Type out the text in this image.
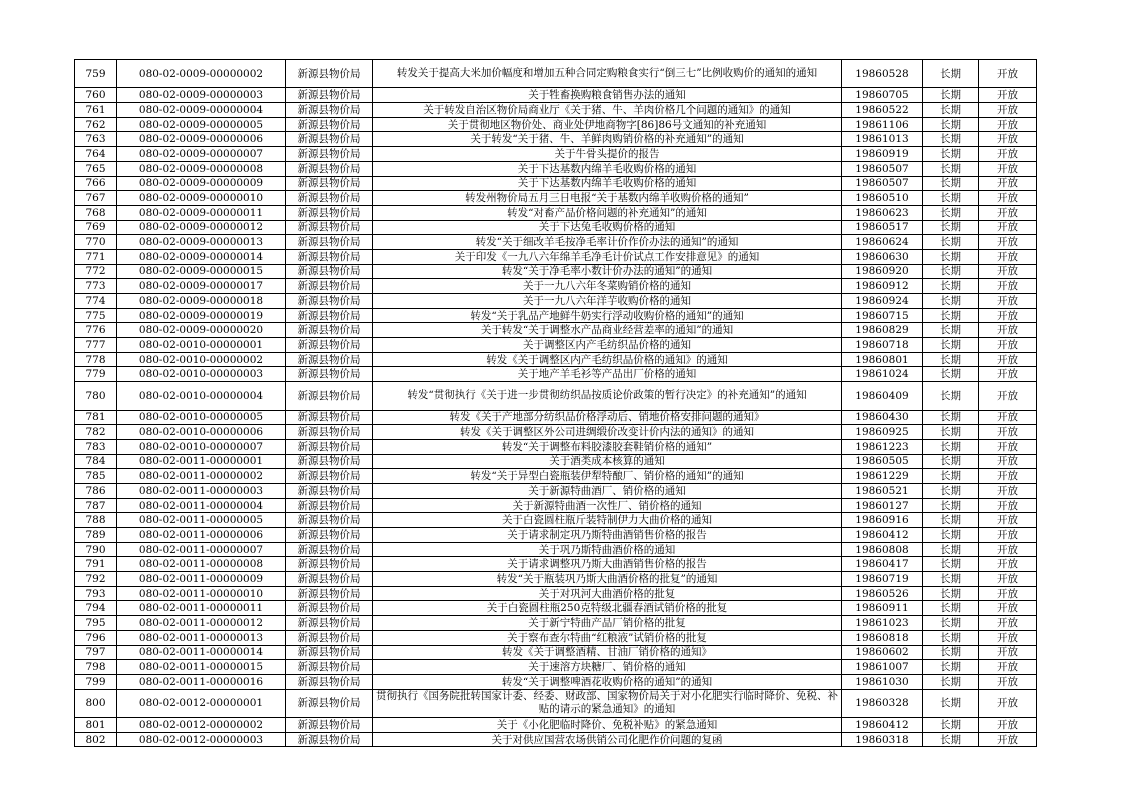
759	080-02-0009-00000002	新源县物价局	转发关于提高大米加价幅度和增加五种合同定购粮食实行“倒三七”比例收购价的通知的通知	19860528	长期	开放
760	080-02-0009-00000003	新源县物价局	关于牲畜换购粮食销售办法的通知	19860705	长期	开放
761	080-02-0009-00000004	新源县物价局	关于转发自治区物价局商业厅《关于猪、牛、羊肉价格几个问题的通知》的通知	19860522	长期	开放
762	080-02-0009-00000005	新源县物价局	关于贯彻地区物价处、商业处伊地商物字[86]86号文通知的补充通知	19861106	长期	开放
763	080-02-0009-00000006	新源县物价局	关于转发“关于猪、牛、羊鲜肉购销价格的补充通知”的通知	19861013	长期	开放
764	080-02-0009-00000007	新源县物价局	关于牛骨头提价的报告	19860919	长期	开放
765	080-02-0009-00000008	新源县物价局	关于下达基数内绵羊毛收购价格的通知	19860507	长期	开放
766	080-02-0009-00000009	新源县物价局	关于下达基数内绵羊毛收购价格的通知	19860507	长期	开放
767	080-02-0009-00000010	新源县物价局	转发州物价局五月三日电报“关于基数内绵羊收购价格的通知”	19860510	长期	开放
768	080-02-0009-00000011	新源县物价局	转发“对畜产品价格问题的补充通知”的通知	19860623	长期	开放
769	080-02-0009-00000012	新源县物价局	关于下达兔毛收购价格的通知	19860517	长期	开放
770	080-02-0009-00000013	新源县物价局	转发“关于细改羊毛按净毛率计价作价办法的通知”的通知	19860624	长期	开放
771	080-02-0009-00000014	新源县物价局	关于印发《一九八六年绵羊毛净毛计价试点工作安排意见》的通知	19860630	长期	开放
772	080-02-0009-00000015	新源县物价局	转发“关于净毛率小数计价办法的通知”的通知	19860920	长期	开放
773	080-02-0009-00000017	新源县物价局	关于一九八六年冬菜购销价格的通知	19860912	长期	开放
774	080-02-0009-00000018	新源县物价局	关于一九八六年洋芋收购价格的通知	19860924	长期	开放
775	080-02-0009-00000019	新源县物价局	转发“关于乳品产地鲜牛奶实行浮动收购价格的通知”的通知	19860715	长期	开放
776	080-02-0009-00000020	新源县物价局	关于转发“关于调整水产品商业经营差率的通知”的通知	19860829	长期	开放
777	080-02-0010-00000001	新源县物价局	关于调整区内产毛纺织品价格的通知	19860718	长期	开放
778	080-02-0010-00000002	新源县物价局	转发《关于调整区内产毛纺织品价格的通知》的通知	19860801	长期	开放
779	080-02-0010-00000003	新源县物价局	关于地产羊毛衫等产品出厂价格的通知	19861024	长期	开放
780	080-02-0010-00000004	新源县物价局	转发“贯彻执行《关于进一步贯彻纺织品按质论价政策的暂行决定》的补充通知”的通知	19860409	长期	开放
781	080-02-0010-00000005	新源县物价局	转发《关于产地部分纺织品价格浮动后、销地价格安排问题的通知》	19860430	长期	开放
782	080-02-0010-00000006	新源县物价局	转发《关于调整区外公司进绸缎价改变计价内法的通知》的通知	19860925	长期	开放
783	080-02-0010-00000007	新源县物价局	转发“关于调整布料胶漆胶套鞋销价格的通知”	19861223	长期	开放
784	080-02-0011-00000001	新源县物价局	关于酒类成本核算的通知	19860505	长期	开放
785	080-02-0011-00000002	新源县物价局	转发“关于异型白瓷瓶装伊犁特酿厂、销价格的通知”的通知	19861229	长期	开放
786	080-02-0011-00000003	新源县物价局	关于新源特曲酒厂、销价格的通知	19860521	长期	开放
787	080-02-0011-00000004	新源县物价局	关于新源特曲酒一次性厂、销价格的通知	19860127	长期	开放
788	080-02-0011-00000005	新源县物价局	关于白瓷圆柱瓶斤装特制伊力大曲价格的通知	19860916	长期	开放
789	080-02-0011-00000006	新源县物价局	关于请求制定巩乃斯特曲酒销售价格的报告	19860412	长期	开放
790	080-02-0011-00000007	新源县物价局	关于巩乃斯特曲酒价格的通知	19860808	长期	开放
791	080-02-0011-00000008	新源县物价局	关于请求调整巩乃斯大曲酒销售价格的报告	19860417	长期	开放
792	080-02-0011-00000009	新源县物价局	转发“关于瓶装巩乃斯大曲酒价格的批复”的通知	19860719	长期	开放
793	080-02-0011-00000010	新源县物价局	关于对巩河大曲酒价格的批复	19860526	长期	开放
794	080-02-0011-00000011	新源县物价局	关于白瓷圆柱瓶250克特级北疆春酒试销价格的批复	19860911	长期	开放
795	080-02-0011-00000012	新源县物价局	关于新宁特曲产品厂销价格的批复	19861023	长期	开放
796	080-02-0011-00000013	新源县物价局	关于察布查尔特曲“红粮液”试销价格的批复	19860818	长期	开放
797	080-02-0011-00000014	新源县物价局	转发《关于调整酒精、甘油厂销价格的通知》	19860602	长期	开放
798	080-02-0011-00000015	新源县物价局	关于速溶方块糖厂、销价格的通知	19861007	长期	开放
799	080-02-0011-00000016	新源县物价局	转发“关于调整啤酒花收购价格的通知”的通知	19861030	长期	开放
800	080-02-0012-00000001	新源县物价局	贯彻执行《国务院批转国家计委、经委、财政部、国家物价局关于对小化肥实行临时降价、免税、补贴的请示的紧急通知》的通知	19860328	长期	开放
801	080-02-0012-00000002	新源县物价局	关于《小化肥临时降价、免税补贴》的紧急通知	19860412	长期	开放
802	080-02-0012-00000003	新源县物价局	关于对供应国营农场供销公司化肥作价问题的复函	19860318	长期	开放
